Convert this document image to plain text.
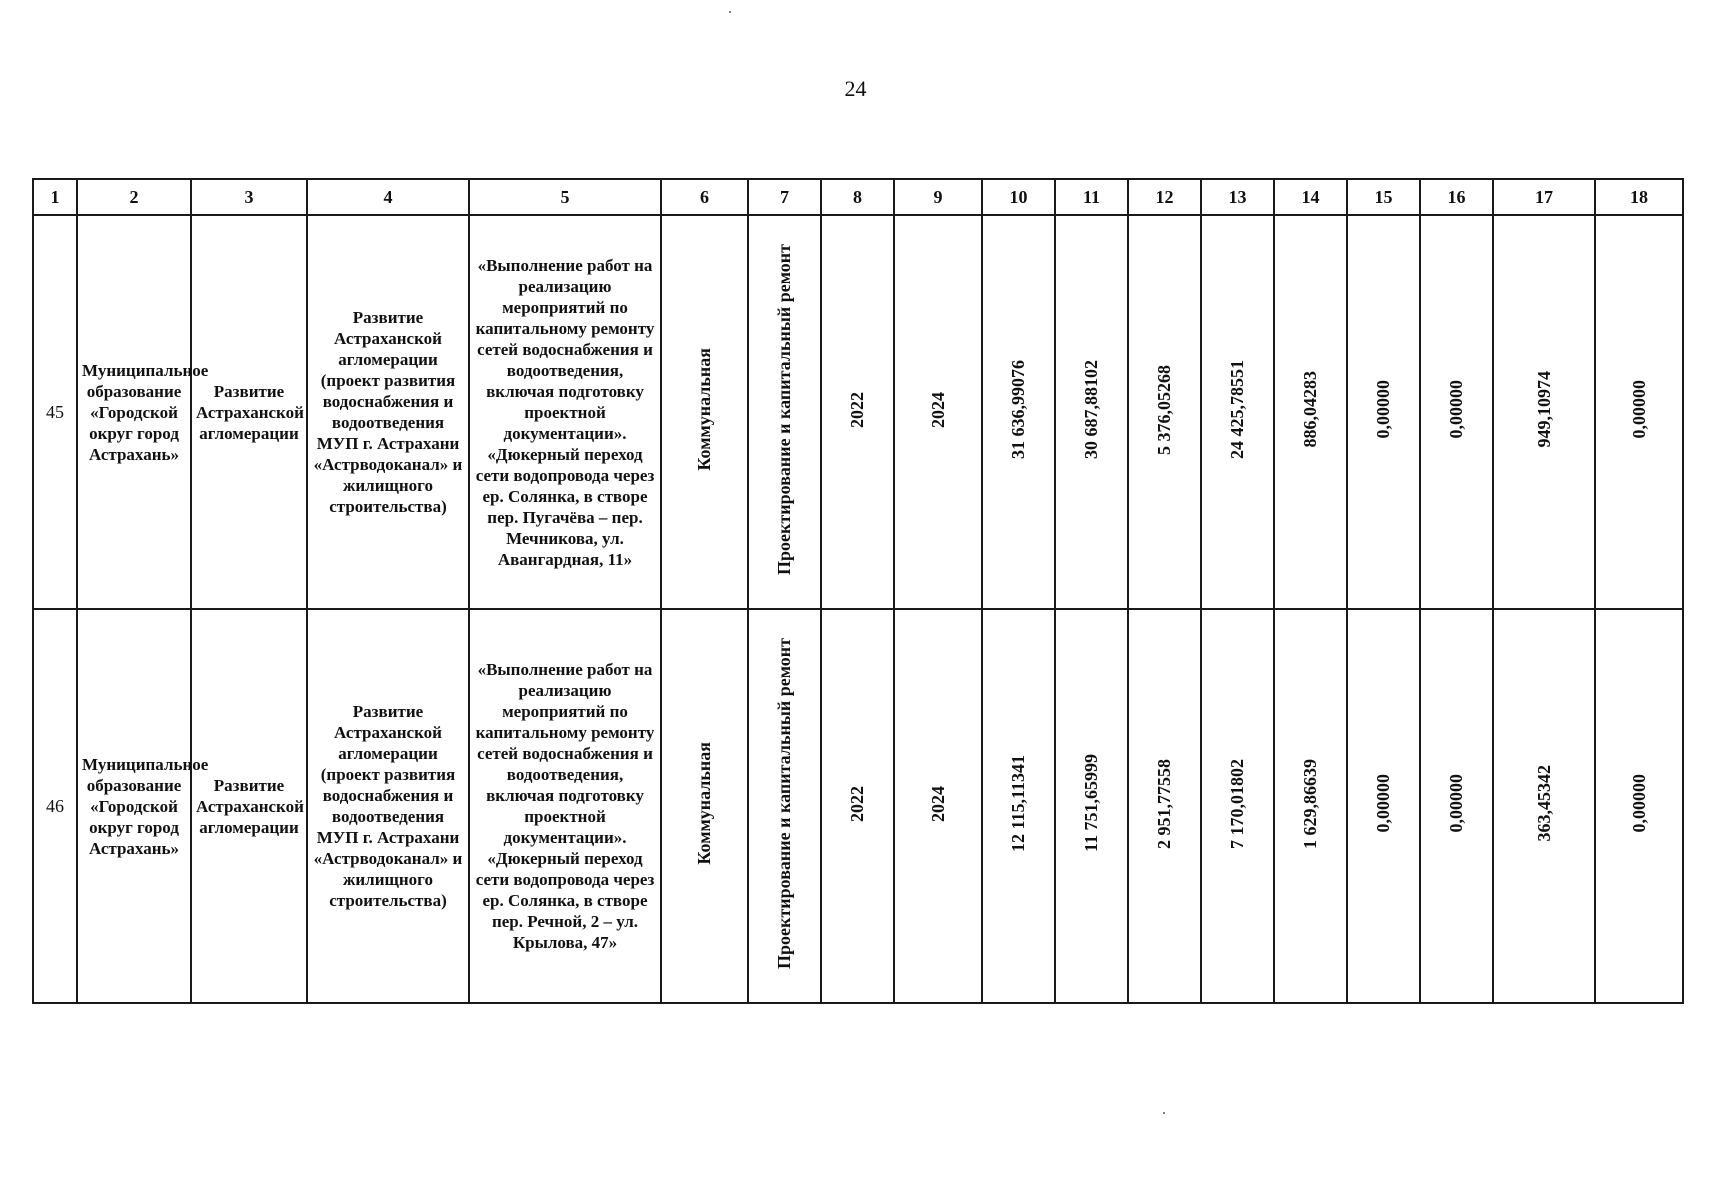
24
1	2	3	4	5	6	7	8	9	10	11	12	13	14	15	16	17	18
45	Муниципальное образование «Городской округ город Астрахань»	Развитие Астраханской агломерации	Развитие Астраханской агломерации (проект развития водоснабжения и водоотведения МУП г. Астрахани «Астрводоканал» и жилищного строительства)	«Выполнение работ на реализацию мероприятий по капитальному ремонту сетей водоснабжения и водоотведения, включая подготовку проектной документации». «Дюкерный переход сети водопровода через ер. Солянка, в створе пер. Пугачёва – пер. Мечникова, ул. Авангардная, 11»	Коммунальная	Проектирование и капитальный ремонт	2022	2024	31 636,99076	30 687,88102	5 376,05268	24 425,78551	886,04283	0,00000	0,00000	949,10974	0,00000
46	Муниципальное образование «Городской округ город Астрахань»	Развитие Астраханской агломерации	Развитие Астраханской агломерации (проект развития водоснабжения и водоотведения МУП г. Астрахани «Астрводоканал» и жилищного строительства)	«Выполнение работ на реализацию мероприятий по капитальному ремонту сетей водоснабжения и водоотведения, включая подготовку проектной документации». «Дюкерный переход сети водопровода через ер. Солянка, в створе пер. Речной, 2 – ул. Крылова, 47»	Коммунальная	Проектирование и капитальный ремонт	2022	2024	12 115,11341	11 751,65999	2 951,77558	7 170,01802	1 629,86639	0,00000	0,00000	363,45342	0,00000
